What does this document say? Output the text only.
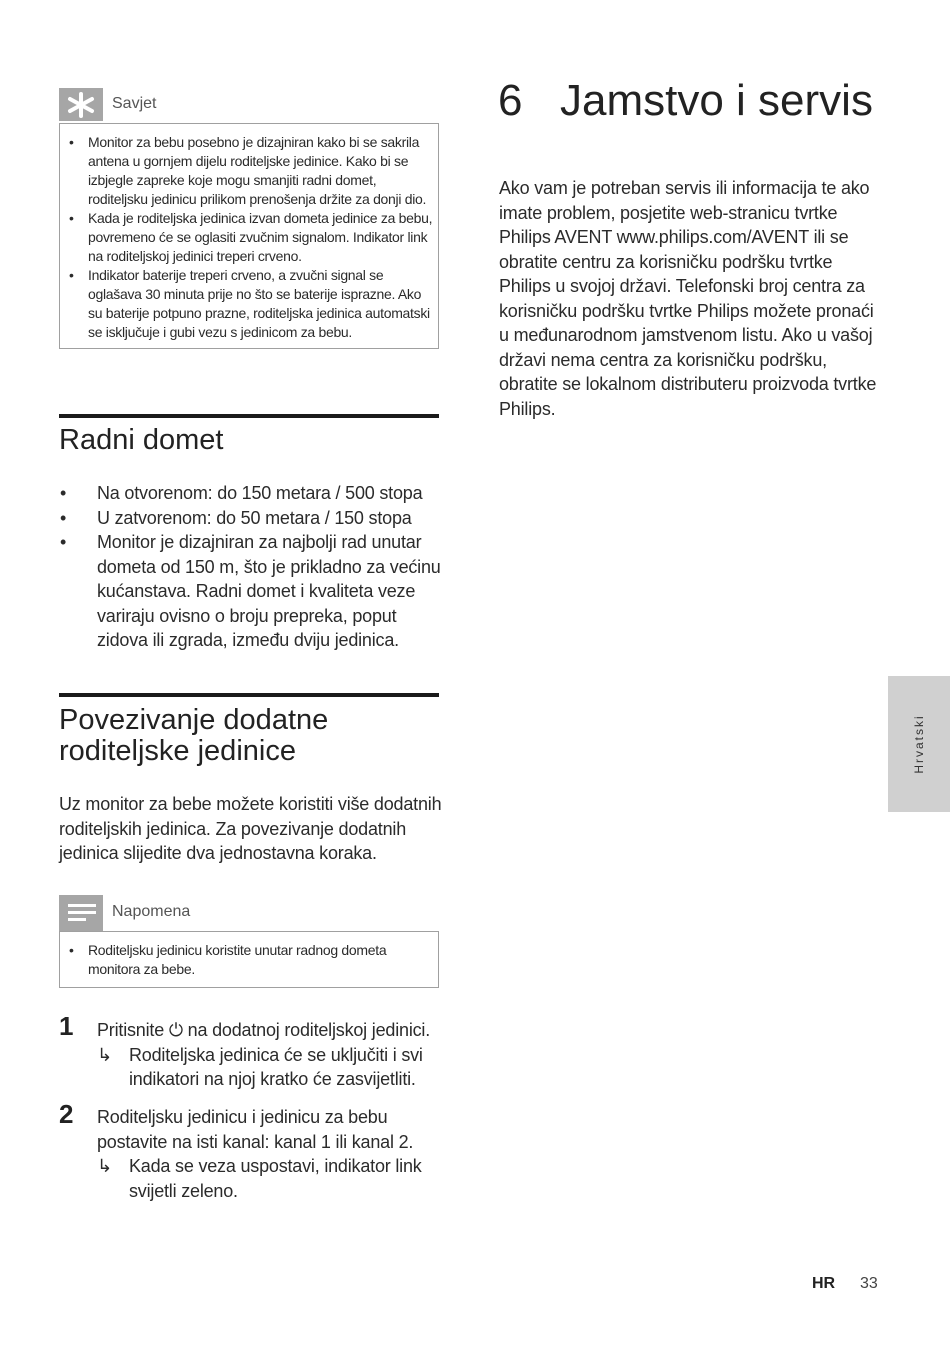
Savjet
• Monitor za bebu posebno je dizajniran kako bi se sakrila antena u gornjem dijelu roditeljske jedinice. Kako bi se izbjegle zapreke koje mogu smanjiti radni domet, roditeljsku jedinicu prilikom prenošenja držite za donji dio.
• Kada je roditeljska jedinica izvan dometa jedinice za bebu, povremeno će se oglasiti zvučnim signalom. Indikator link na roditeljskoj jedinici treperi crveno.
• Indikator baterije treperi crveno, a zvučni signal se oglašava 30 minuta prije no što se baterije isprazne. Ako su baterije potpuno prazne, roditeljska jedinica automatski se isključuje i gubi vezu s jedinicom za bebu.
Radni domet
• Na otvorenom: do 150 metara / 500 stopa
• U zatvorenom: do 50 metara / 150 stopa
• Monitor je dizajniran za najbolji rad unutar dometa od 150 m, što je prikladno za većinu kućanstava. Radni domet i kvaliteta veze variraju ovisno o broju prepreka, poput zidova ili zgrada, između dviju jedinica.
Povezivanje dodatne
roditeljske jedinice
Uz monitor za bebe možete koristiti više dodatnih roditeljskih jedinica. Za povezivanje dodatnih jedinica slijedite dva jednostavna koraka.
Napomena
• Roditeljsku jedinicu koristite unutar radnog dometa monitora za bebe.
1 Pritisnite ⏻ na dodatnoj roditeljskoj jedinici.
↳ Roditeljska jedinica će se uključiti i svi indikatori na njoj kratko će zasvijetliti.
2 Roditeljsku jedinicu i jedinicu za bebu postavite na isti kanal: kanal 1 ili kanal 2.
↳ Kada se veza uspostavi, indikator link svijetli zeleno.
6 Jamstvo i servis
Ako vam je potreban servis ili informacija te ako imate problem, posjetite web-stranicu tvrtke Philips AVENT www.philips.com/AVENT ili se obratite centru za korisničku podršku tvrtke Philips u svojoj državi. Telefonski broj centra za korisničku podršku tvrtke Philips možete pronaći u međunarodnom jamstvenom listu. Ako u vašoj državi nema centra za korisničku podršku, obratite se lokalnom distributeru proizvoda tvrtke Philips.
Hrvatski
HR 33
